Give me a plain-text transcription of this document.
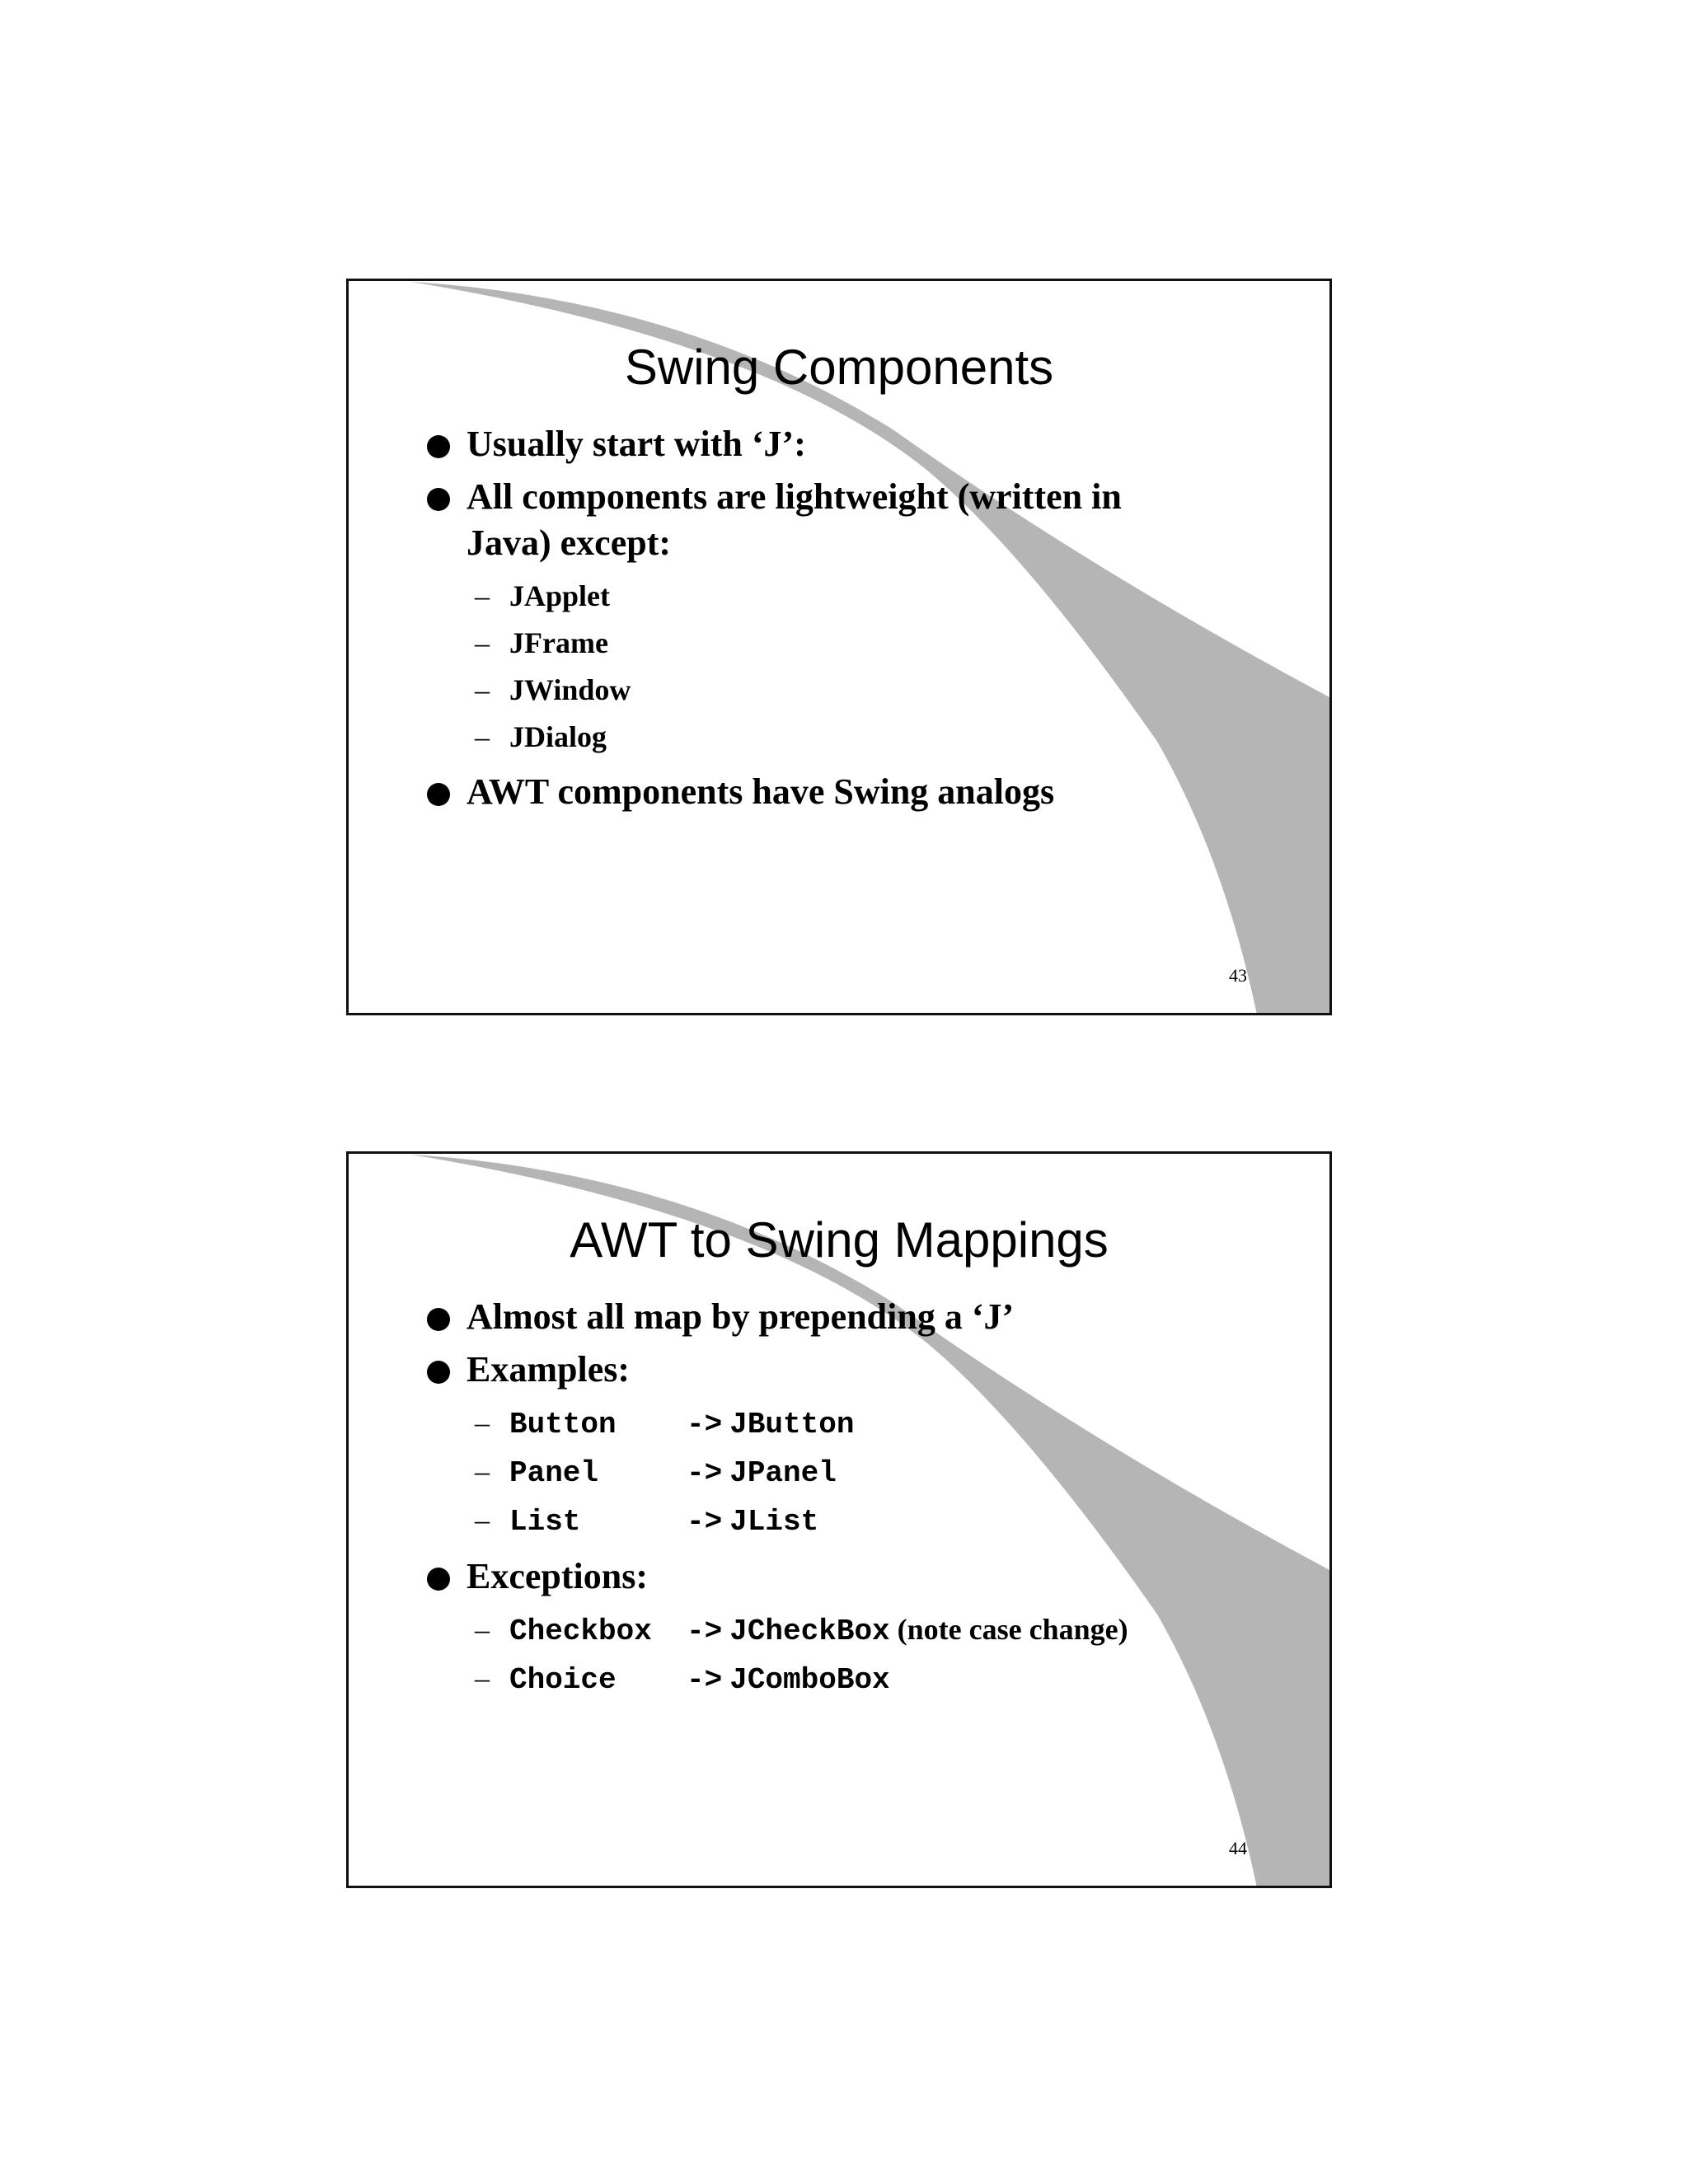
Swing Components
Usually start with ‘J’:
All components are lightweight (written in Java) except:
– JApplet
– JFrame
– JWindow
– JDialog
AWT components have Swing analogs
43
AWT to Swing Mappings
Almost all map by prepending a ‘J’
Examples:
– Button -> JButton
– Panel	-> JPanel
– List	-> JList
Exceptions:
– Checkbox -> JCheckBox (note case change)
– Choice -> JComboBox
44
